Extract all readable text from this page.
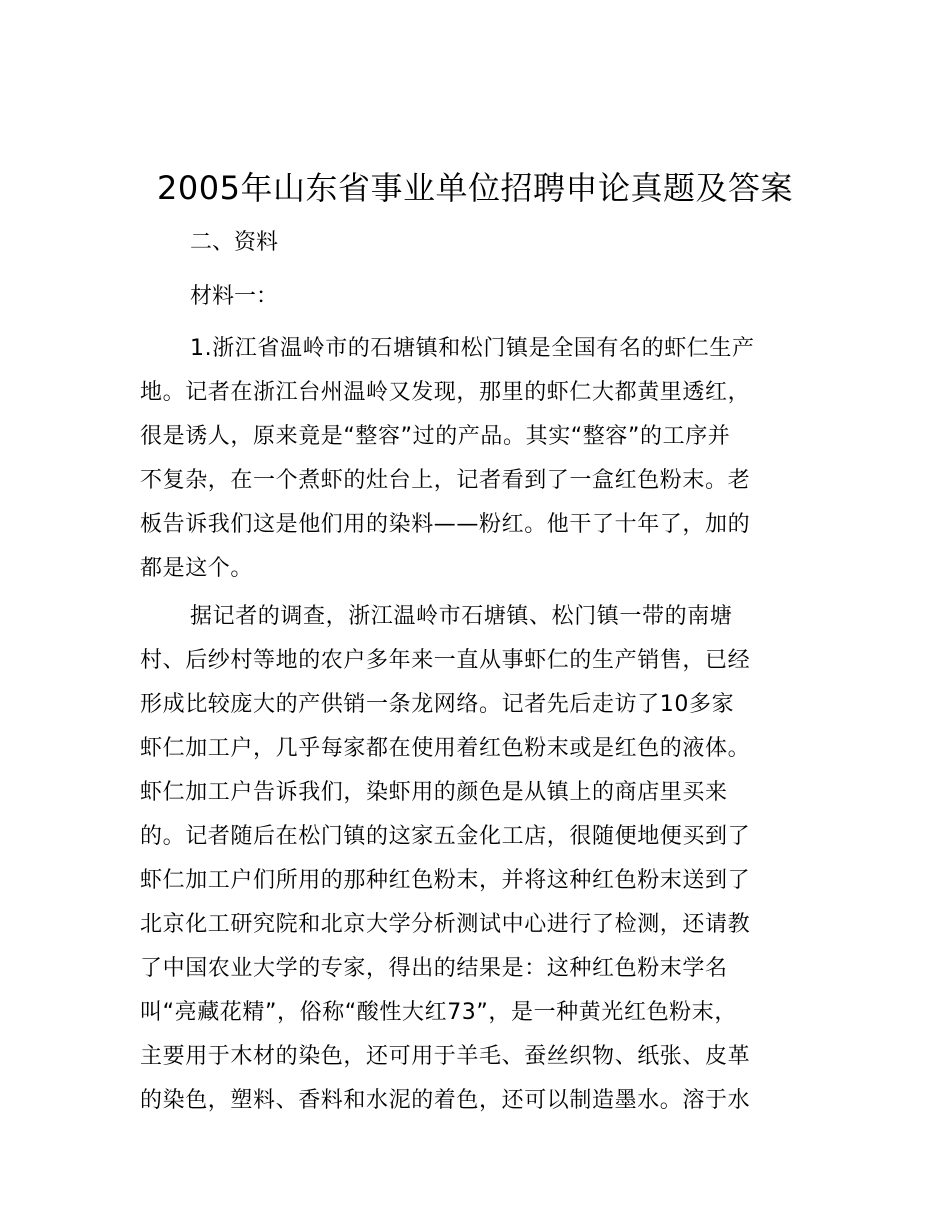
2005年山东省事业单位招聘申论真题及答案
二、资料
材料一：
1.浙江省温岭市的石塘镇和松门镇是全国有名的虾仁生产
地。记者在浙江台州温岭又发现，那里的虾仁大都黄里透红，
很是诱人，原来竟是“整容”过的产品。其实“整容”的工序并
不复杂，在一个煮虾的灶台上，记者看到了一盒红色粉末。老
板告诉我们这是他们用的染料——粉红。他干了十年了，加的
都是这个。
据记者的调查，浙江温岭市石塘镇、松门镇一带的南塘
村、后纱村等地的农户多年来一直从事虾仁的生产销售，已经
形成比较庞大的产供销一条龙网络。记者先后走访了10多家
虾仁加工户，几乎每家都在使用着红色粉末或是红色的液体。
虾仁加工户告诉我们，染虾用的颜色是从镇上的商店里买来
的。记者随后在松门镇的这家五金化工店，很随便地便买到了
虾仁加工户们所用的那种红色粉末，并将这种红色粉末送到了
北京化工研究院和北京大学分析测试中心进行了检测，还请教
了中国农业大学的专家，得出的结果是：这种红色粉末学名
叫“亮藏花精”，俗称“酸性大红73”，是一种黄光红色粉末，
主要用于木材的染色，还可用于羊毛、蚕丝织物、纸张、皮革
的染色，塑料、香料和水泥的着色，还可以制造墨水。溶于水
